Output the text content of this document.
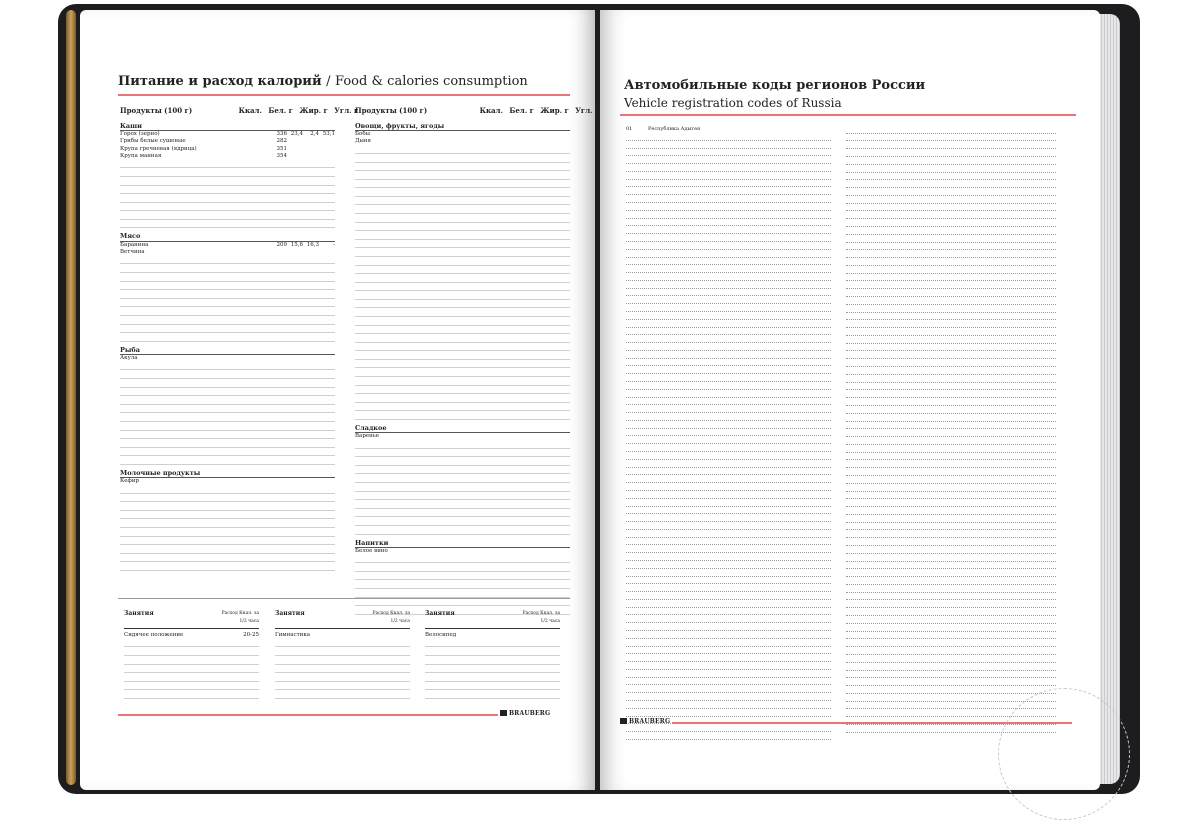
Питание и расход калорий / Food & calories consumption
Продукты (100 г)	Ккал. Бел. г Жир. г Угл. г
Продукты (100 г)	Ккал. Бел. г Жир. г Угл. г
Каши
Горох (зерно)	336 23,4	2,4 53,1
Грибы белые сушеные	282
Крупа гречневая (ядрица)	351
Крупа манная	354
Мясо
Баранина	209 15,6 16,3	-
Ветчина
Рыба
Акула
Молочные продукты
Кефир
Овощи, фрукты, ягоды
Бобы
Дыня
Сладкое
Варенье
Напитки
Белое вино
Занятия	Расход Ккал. за 1/2 часа
Сидячее положение	20-25
Занятия	Расход Ккал. за 1/2 часа
Гимнастика
Занятия	Расход Ккал. за 1/2 часа
Велосипед
BRAUBERG
Автомобильные коды регионов России
Vehicle registration codes of Russia
01	Республика Адыгея
BRAUBERG
